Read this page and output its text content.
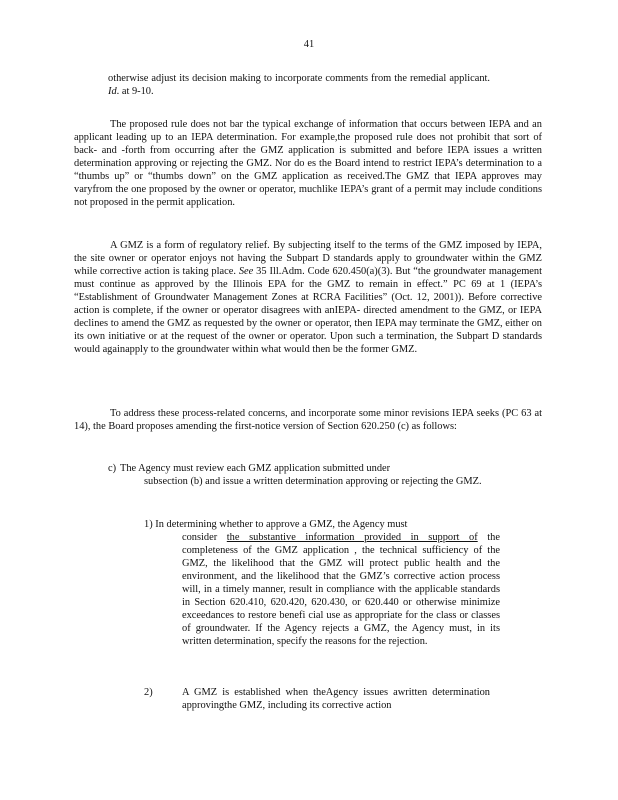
41

otherwise adjust its decision making to incorporate comments from the remedial applicant. Id. at 9-10.

The proposed rule does not bar the typical exchange of information that occurs between IEPA and an applicant leading up to an IEPA determination. For example,the proposed rule does not prohibit that sort of back- and -forth from occurring after the GMZ application is submitted and before IEPA issues a written determination approving or rejecting the GMZ. Nor do es the Board intend to restrict IEPA’s determination to a “thumbs up” or “thumbs down” on the GMZ application as received.The GMZ that IEPA approves may varyfrom the one proposed by the owner or operator, muchlike IEPA’s grant of a permit may include conditions not proposed in the permit application.

A GMZ is a form of regulatory relief. By subjecting itself to the terms of the GMZ imposed by IEPA, the site owner or operator enjoys not having the Subpart D standards apply to groundwater within the GMZ while corrective action is taking place. See 35 Ill.Adm. Code 620.450(a)(3). But “the groundwater management must continue as approved by the Illinois EPA for the GMZ to remain in effect.” PC 69 at 1 (IEPA’s “Establishment of Groundwater Management Zones at RCRA Facilities” (Oct. 12, 2001)). Before corrective action is complete, if the owner or operator disagrees with anIEPA- directed amendment to the GMZ, or IEPA declines to amend the GMZ as requested by the owner or operator, then IEPA may terminate the GMZ, either on its own initiative or at the request of the owner or operator. Upon such a termination, the Subpart D standards would againapply to the groundwater within what would then be the former GMZ.

To address these process-related concerns, and incorporate some minor revisions IEPA seeks (PC 63 at 14), the Board proposes amending the first-notice version of Section 620.250 (c) as follows:

c) The Agency must review each GMZ application submitted under
subsection (b) and issue a written determination approving or rejecting the GMZ.
1) In determining whether to approve a GMZ, the Agency must
consider the substantive information provided in support of the completeness of the GMZ application , the technical sufficiency of the GMZ, the likelihood that the GMZ will protect public health and the environment, and the likelihood that the GMZ’s corrective action process will, in a timely manner, result in compliance with the applicable standards in Section 620.410, 620.420, 620.430, or 620.440 or otherwise minimize exceedances to restore benefi cial use as appropriate for the class or classes of groundwater. If the Agency rejects a GMZ, the Agency must, in its written determination, specify the reasons for the rejection.
2)	A GMZ is established when theAgency issues awritten determination approvingthe GMZ, including its corrective action
